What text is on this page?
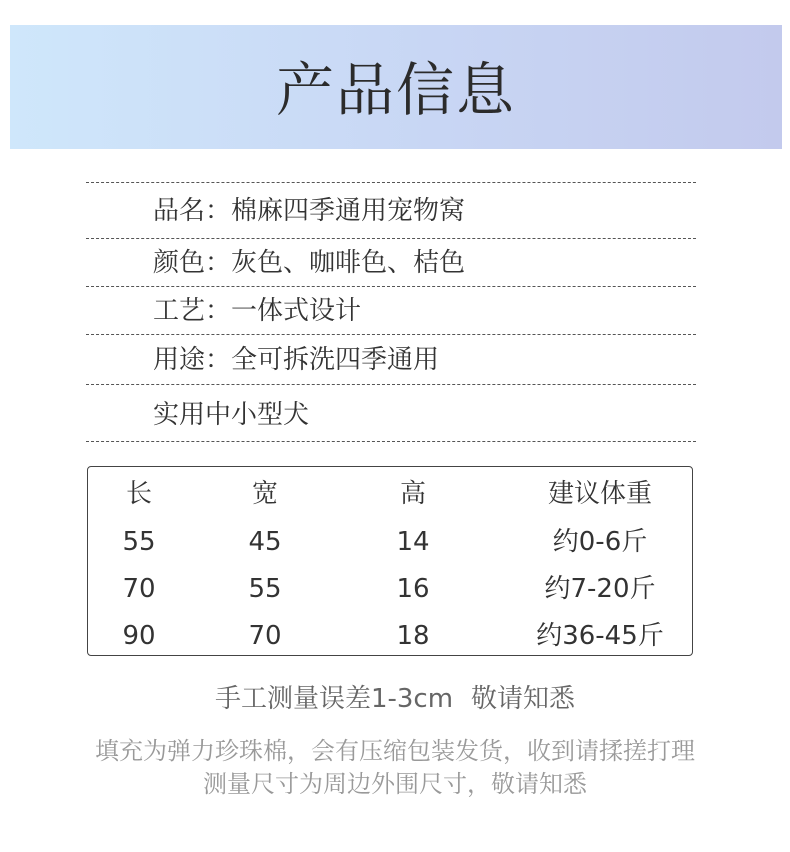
产品信息
品名：棉麻四季通用宠物窝
颜色：灰色、咖啡色、桔色
工艺：一体式设计
用途：全可拆洗四季通用
实用中小型犬
长	宽	高	建议体重
55	45	14	约0-6斤
70	55	16	约7-20斤
90	70	18	约36-45斤
手工测量误差1-3cm 敬请知悉
填充为弹力珍珠棉，会有压缩包装发货，收到请揉搓打理
测量尺寸为周边外围尺寸，敬请知悉
